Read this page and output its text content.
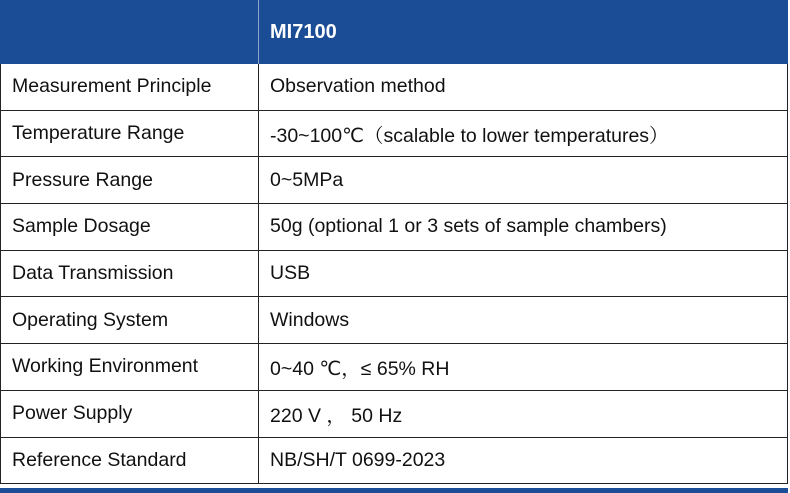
MI7100
Measurement Principle	Observation method
Temperature Range	-30~100℃（scalable to lower temperatures）
Pressure Range	0~5MPa
Sample Dosage	50g (optional 1 or 3 sets of sample chambers)
Data Transmission	USB
Operating System	Windows
Working Environment	0~40 ℃，≤ 65% RH
Power Supply	220 V ， 50 Hz
Reference Standard	NB/SH/T 0699-2023
